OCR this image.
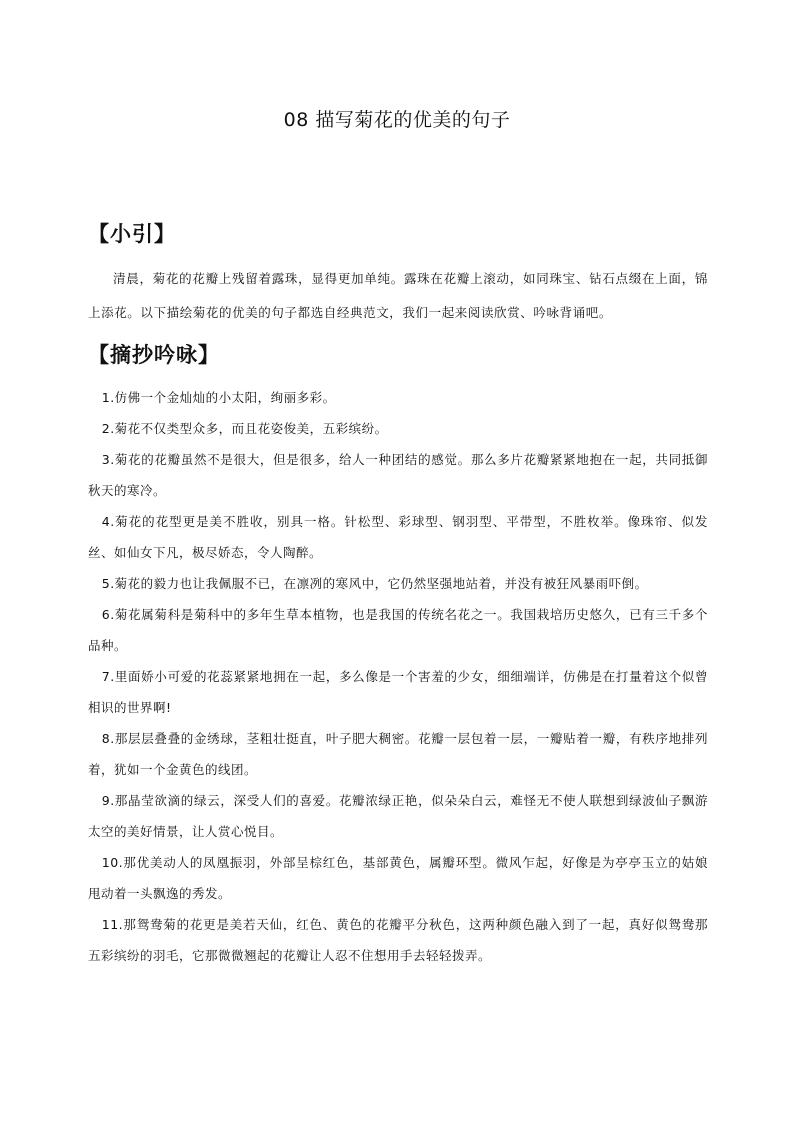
08 描写菊花的优美的句子
【小引】

清晨，菊花的花瓣上残留着露珠，显得更加单纯。露珠在花瓣上滚动，如同珠宝、钻石点缀在上面，锦上添花。以下描绘菊花的优美的句子都选自经典范文，我们一起来阅读欣赏、吟咏背诵吧。

【摘抄吟咏】
1.仿佛一个金灿灿的小太阳，绚丽多彩。
2.菊花不仅类型众多，而且花姿俊美，五彩缤纷。
3.菊花的花瓣虽然不是很大，但是很多，给人一种团结的感觉。那么多片花瓣紧紧地抱在一起，共同抵御秋天的寒冷。
4.菊花的花型更是美不胜收，别具一格。针松型、彩球型、钢羽型、平带型，不胜枚举。像珠帘、似发丝、如仙女下凡，极尽娇态，令人陶醉。
5.菊花的毅力也让我佩服不已，在凛冽的寒风中，它仍然坚强地站着，并没有被狂风暴雨吓倒。
6.菊花属菊科是菊科中的多年生草本植物，也是我国的传统名花之一。我国栽培历史悠久，已有三千多个品种。
7.里面娇小可爱的花蕊紧紧地拥在一起，多么像是一个害羞的少女，细细端详，仿佛是在打量着这个似曾相识的世界啊!
8.那层层叠叠的金绣球，茎粗壮挺直，叶子肥大稠密。花瓣一层包着一层，一瓣贴着一瓣，有秩序地排列着，犹如一个金黄色的线团。
9.那晶莹欲滴的绿云，深受人们的喜爱。花瓣浓绿正艳，似朵朵白云，难怪无不使人联想到绿波仙子飘游太空的美好情景，让人赏心悦目。
10.那优美动人的凤凰振羽，外部呈棕红色，基部黄色，属瓣环型。微风乍起，好像是为亭亭玉立的姑娘甩动着一头飘逸的秀发。
11.那鸳鸯菊的花更是美若天仙，红色、黄色的花瓣平分秋色，这两种颜色融入到了一起，真好似鸳鸯那五彩缤纷的羽毛，它那微微翘起的花瓣让人忍不住想用手去轻轻拨弄。
